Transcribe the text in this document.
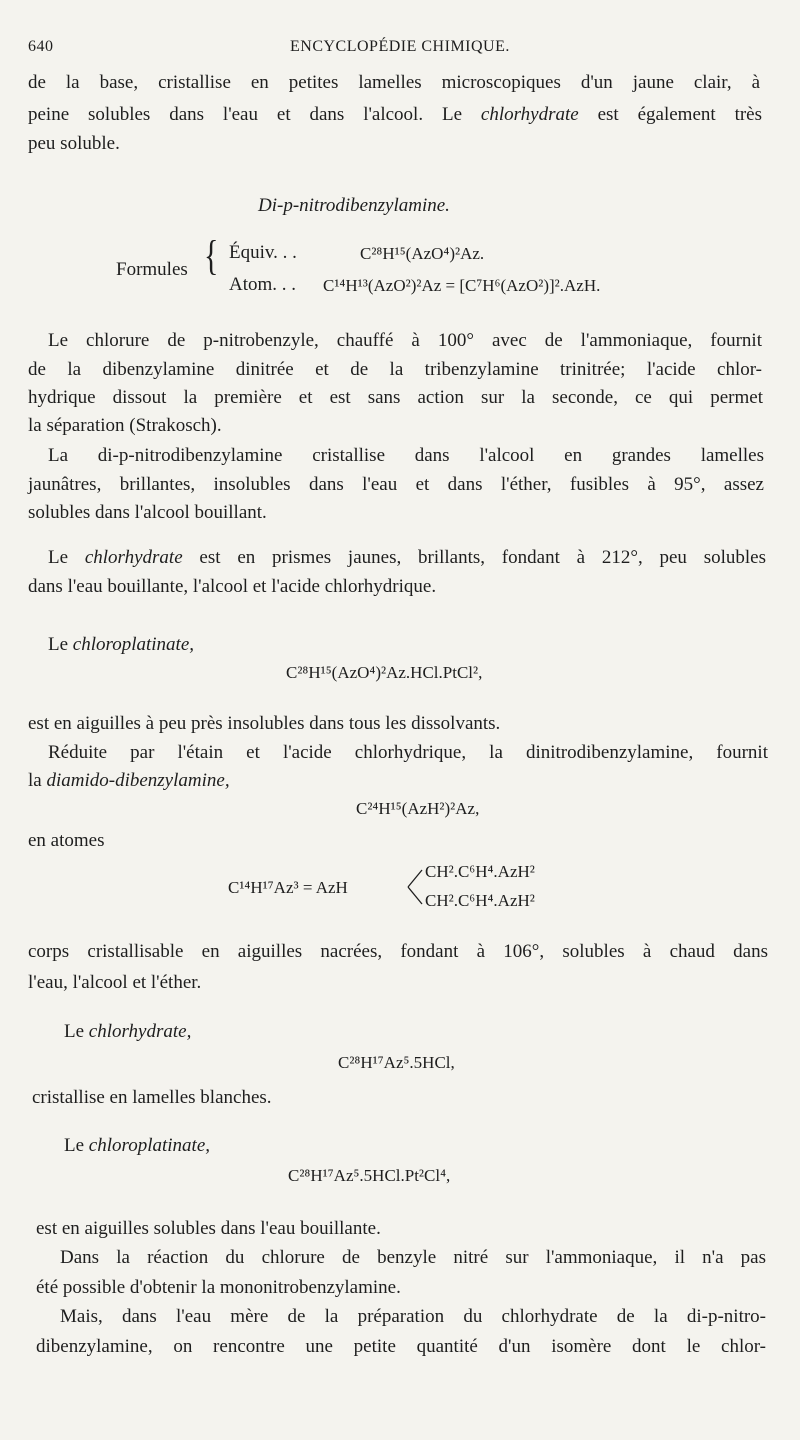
640	ENCYCLOPÉDIE CHIMIQUE.
de la base, cristallise en petites lamelles microscopiques d'un jaune clair, à
peine solubles dans l'eau et dans l'alcool. Le chlorhydrate est également très
peu soluble.
Di-p-nitrodibenzylamine.
Formules { Équiv. . .	C²⁸H¹⁵(AzO⁴)²Az.
Atom. . . C¹⁴H¹³(AzO²)²Az = [C⁷H⁶(AzO²)]².AzH.
Le chlorure de p-nitrobenzyle, chauffé à 100° avec de l'ammoniaque, fournit
de la dibenzylamine dinitrée et de la tribenzylamine trinitrée; l'acide chlor-
hydrique dissout la première et est sans action sur la seconde, ce qui permet
la séparation (Strakosch).
La di-p-nitrodibenzylamine cristallise dans l'alcool en grandes lamelles
jaunâtres, brillantes, insolubles dans l'eau et dans l'éther, fusibles à 95°, assez
solubles dans l'alcool bouillant.
Le chlorhydrate est en prismes jaunes, brillants, fondant à 212°, peu solubles
dans l'eau bouillante, l'alcool et l'acide chlorhydrique.
Le chloroplatinate,
C²⁸H¹⁵(AzO⁴)²Az.HCl.PtCl²,
est en aiguilles à peu près insolubles dans tous les dissolvants.
Réduite par l'étain et l'acide chlorhydrique, la dinitrodibenzylamine, fournit
la diamido-dibenzylamine,
C²⁴H¹⁵(AzH²)²Az,
en atomes
C¹⁴H¹⁷Az³ = AzH
CH².C⁶H⁴.AzH²
CH².C⁶H⁴.AzH²
corps cristallisable en aiguilles nacrées, fondant à 106°, solubles à chaud dans
l'eau, l'alcool et l'éther.
Le chlorhydrate,
C²⁸H¹⁷Az⁵.5HCl,
cristallise en lamelles blanches.
Le chloroplatinate,
C²⁸H¹⁷Az⁵.5HCl.Pt²Cl⁴,
est en aiguilles solubles dans l'eau bouillante.
Dans la réaction du chlorure de benzyle nitré sur l'ammoniaque, il n'a pas
été possible d'obtenir la mononitrobenzylamine.
Mais, dans l'eau mère de la préparation du chlorhydrate de la di-p-nitro-
dibenzylamine, on rencontre une petite quantité d'un isomère dont le chlor-
